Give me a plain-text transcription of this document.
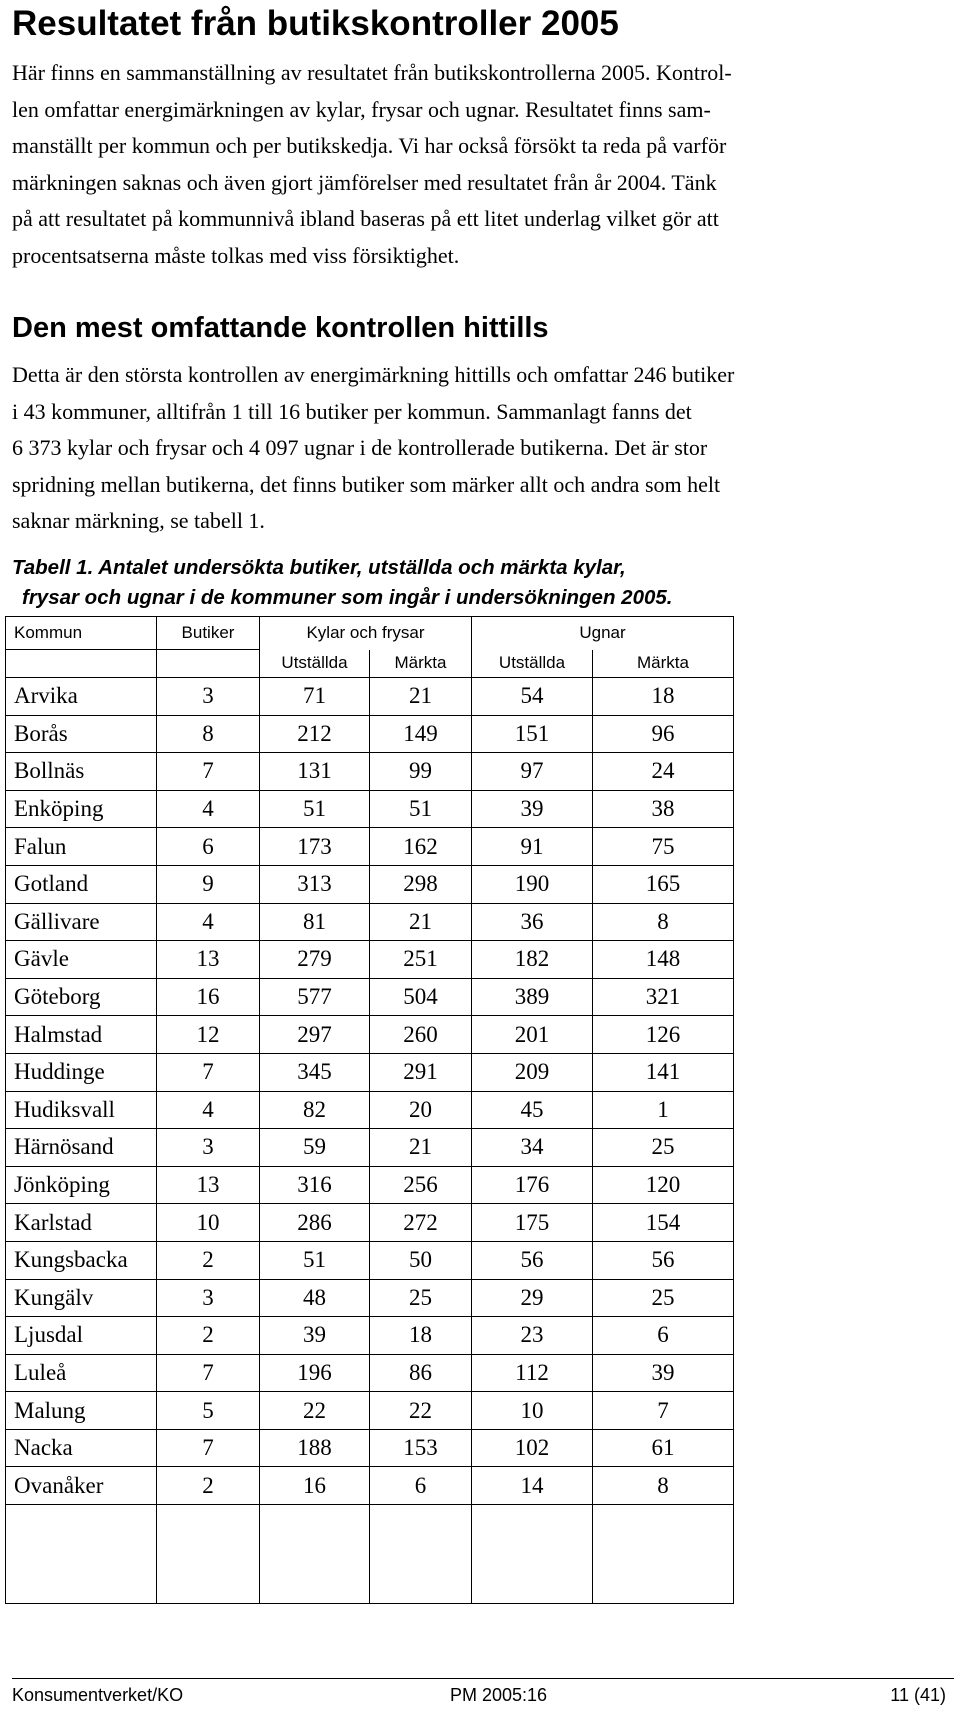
Resultatet från butikskontroller 2005
Här finns en sammanställning av resultatet från butikskontrollerna 2005. Kontrol-
len omfattar energimärkningen av kylar, frysar och ugnar. Resultatet finns sam-
manställt per kommun och per butikskedja. Vi har också försökt ta reda på varför
märkningen saknas och även gjort jämförelser med resultatet från år 2004. Tänk
på att resultatet på kommunnivå ibland baseras på ett litet underlag vilket gör att
procentsatserna måste tolkas med viss försiktighet.
Den mest omfattande kontrollen hittills
Detta är den största kontrollen av energimärkning hittills och omfattar 246 butiker
i 43 kommuner, alltifrån 1 till 16 butiker per kommun. Sammanlagt fanns det
6 373 kylar och frysar och 4 097 ugnar i de kontrollerade butikerna. Det är stor
spridning mellan butikerna, det finns butiker som märker allt och andra som helt
saknar märkning, se tabell 1.
Tabell 1. Antalet undersökta butiker, utställda och märkta kylar,
frysar och ugnar i de kommuner som ingår i undersökningen 2005.
Kommun	Butiker	Kylar och frysar		Ugnar	
		Utställda	Märkta	Utställda	Märkta
Arvika	3	71	21	54	18
Borås	8	212	149	151	96
Bollnäs	7	131	99	97	24
Enköping	4	51	51	39	38
Falun	6	173	162	91	75
Gotland	9	313	298	190	165
Gällivare	4	81	21	36	8
Gävle	13	279	251	182	148
Göteborg	16	577	504	389	321
Halmstad	12	297	260	201	126
Huddinge	7	345	291	209	141
Hudiksvall	4	82	20	45	1
Härnösand	3	59	21	34	25
Jönköping	13	316	256	176	120
Karlstad	10	286	272	175	154
Kungsbacka	2	51	50	56	56
Kungälv	3	48	25	29	25
Ljusdal	2	39	18	23	6
Luleå	7	196	86	112	39
Malung	5	22	22	10	7
Nacka	7	188	153	102	61
Ovanåker	2	16	6	14	8

Konsumentverket/KO	PM 2005:16	11 (41)
